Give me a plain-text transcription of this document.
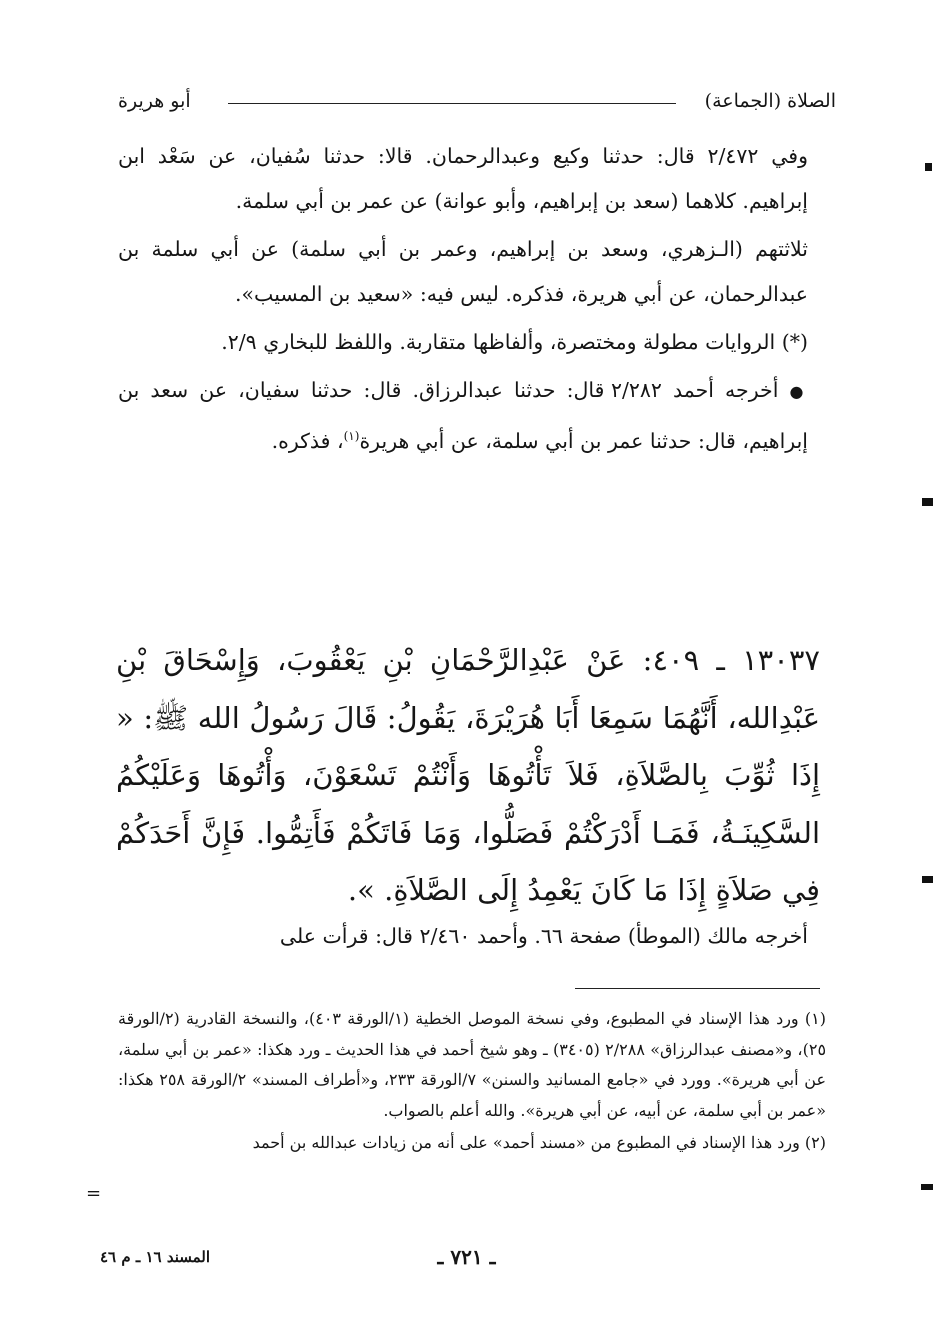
الصلاة (الجماعة)
أبو هريرة

وفي ٢/٤٧٢ قال: حدثنا وكيع وعبدالرحمان. قالا: حدثنا سُفيان، عن سَعْد ابن إبراهيم. كلاهما (سعد بن إبراهيم، وأبو عوانة) عن عمر بن أبي سلمة.

ثلاثتهم (الـزهري، وسعد بن إبراهيم، وعمر بن أبي سلمة) عن أبي سلمة بن عبدالرحمان، عن أبي هريرة، فذكره. ليس فيه: «سعيد بن المسيب».

(*) الروايات مطولة ومختصرة، وألفاظها متقاربة. واللفظ للبخاري ٢/٩.

● أخرجه أحمد ٢/٢٨٢ قال: حدثنا عبدالرزاق. قال: حدثنا سفيان، عن سعد بن إبراهيم، قال: حدثنا عمر بن أبي سلمة، عن أبي هريرة$^{(١)}$، فذكره.

١٣٠٣٧ ـ ٤٠٩: عَنْ عَبْدِالرَّحْمَانِ بْنِ يَعْقُوبَ، وَإِسْحَاقَ بْنِ عَبْدِالله، أَنَّهُمَا سَمِعَا أَبَا هُرَيْرَةَ، يَقُولُ: قَالَ رَسُولُ الله ﷺ: « إِذَا ثُوِّبَ بِالصَّلاَةِ، فَلاَ تَأْتُوهَا وَأَنْتُمْ تَسْعَوْنَ، وَأْتُوهَا وَعَلَيْكُمُ السَّكِينَـةُ، فَمَـا أَدْرَكْتُمْ فَصَلُّوا، وَمَا فَاتَكُمْ فَأَتِمُّوا. فَإِنَّ أَحَدَكُمْ فِي صَلاَةٍ إِذَا مَا كَانَ يَعْمِدُ إِلَى الصَّلاَةِ. ».

أخرجه مالك (الموطأ) صفحة ٦٦. وأحمد ٢/٤٦٠ قال: قرأت على

(١) ورد هذا الإسناد في المطبوع، وفي نسخة الموصل الخطية (١/الورقة ٤٠٣)، والنسخة القادرية (٢/الورقة ٢٥)، و«مصنف عبدالرزاق» ٢/٢٨٨ (٣٤٠٥) ـ وهو شيخ أحمد في هذا الحديث ـ ورد هكذا: «عمر بن أبي سلمة، عن أبي هريرة». وورد في «جامع المسانيد والسنن» ٧/الورقة ٢٣٣، و«أطراف المسند» ٢/الورقة ٢٥٨ هكذا: «عمر بن أبي سلمة، عن أبيه، عن أبي هريرة». والله أعلم بالصواب.

(٢) ورد هذا الإسناد في المطبوع من «مسند أحمد» على أنه من زيادات عبدالله بن أحمد

=
ـ ٧٢١ ـ
المسند ١٦ ـ م ٤٦
